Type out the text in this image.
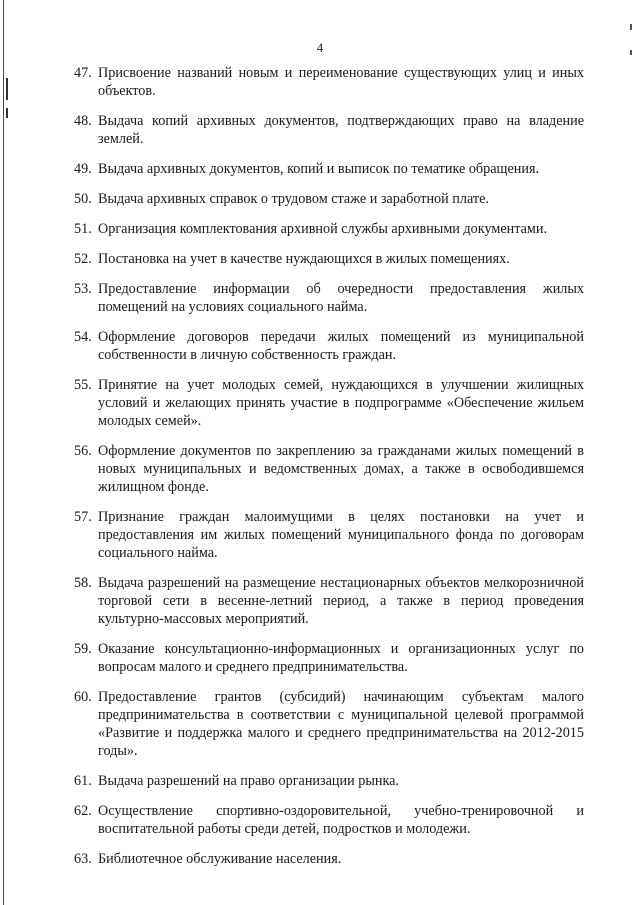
4
47. Присвоение названий новым и переименование существующих улиц и иных объектов.
48. Выдача копий архивных документов, подтверждающих право на владение землей.
49. Выдача архивных документов, копий и выписок по тематике обращения.
50. Выдача архивных справок о трудовом стаже и заработной плате.
51. Организация комплектования архивной службы архивными документами.
52. Постановка на учет в качестве нуждающихся в жилых помещениях.
53. Предоставление информации об очередности предоставления жилых помещений на условиях социального найма.
54. Оформление договоров передачи жилых помещений из муниципальной собственности в личную собственность граждан.
55. Принятие на учет молодых семей, нуждающихся в улучшении жилищных условий и желающих принять участие в подпрограмме «Обеспечение жильем молодых семей».
56. Оформление документов по закреплению за гражданами жилых помещений в новых муниципальных и ведомственных домах, а также в освободившемся жилищном фонде.
57. Признание граждан малоимущими в целях постановки на учет и предоставления им жилых помещений муниципального фонда по договорам социального найма.
58. Выдача разрешений на размещение нестационарных объектов мелкорозничной торговой сети в весенне-летний период, а также в период проведения культурно-массовых мероприятий.
59. Оказание консультационно-информационных и организационных услуг по вопросам малого и среднего предпринимательства.
60. Предоставление грантов (субсидий) начинающим субъектам малого предпринимательства в соответствии с муниципальной целевой программой «Развитие и поддержка малого и среднего предпринимательства на 2012-2015 годы».
61. Выдача разрешений на право организации рынка.
62. Осуществление спортивно-оздоровительной, учебно-тренировочной и воспитательной работы среди детей, подростков и молодежи.
63. Библиотечное обслуживание населения.
